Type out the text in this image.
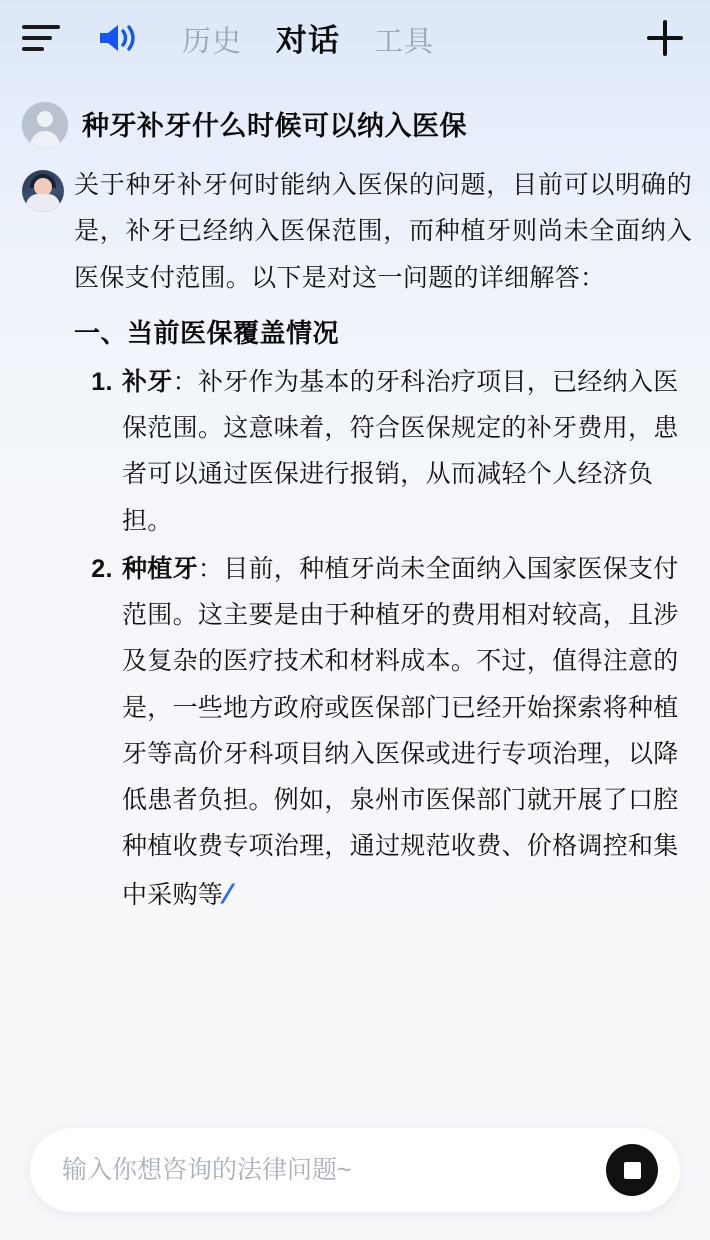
历史 对话 工具
种牙补牙什么时候可以纳入医保

关于种牙补牙何时能纳入医保的问题，目前可以明确的是，补牙已经纳入医保范围，而种植牙则尚未全面纳入医保支付范围。以下是对这一问题的详细解答：

一、当前医保覆盖情况
1. 补牙：补牙作为基本的牙科治疗项目，已经纳入医保范围。这意味着，符合医保规定的补牙费用，患者可以通过医保进行报销，从而减轻个人经济负担。
2. 种植牙：目前，种植牙尚未全面纳入国家医保支付范围。这主要是由于种植牙的费用相对较高，且涉及复杂的医疗技术和材料成本。不过，值得注意的是，一些地方政府或医保部门已经开始探索将种植牙等高价牙科项目纳入医保或进行专项治理，以降低患者负担。例如，泉州市医保部门就开展了口腔种植收费专项治理，通过规范收费、价格调控和集中采购等/
输入你想咨询的法律问题~
